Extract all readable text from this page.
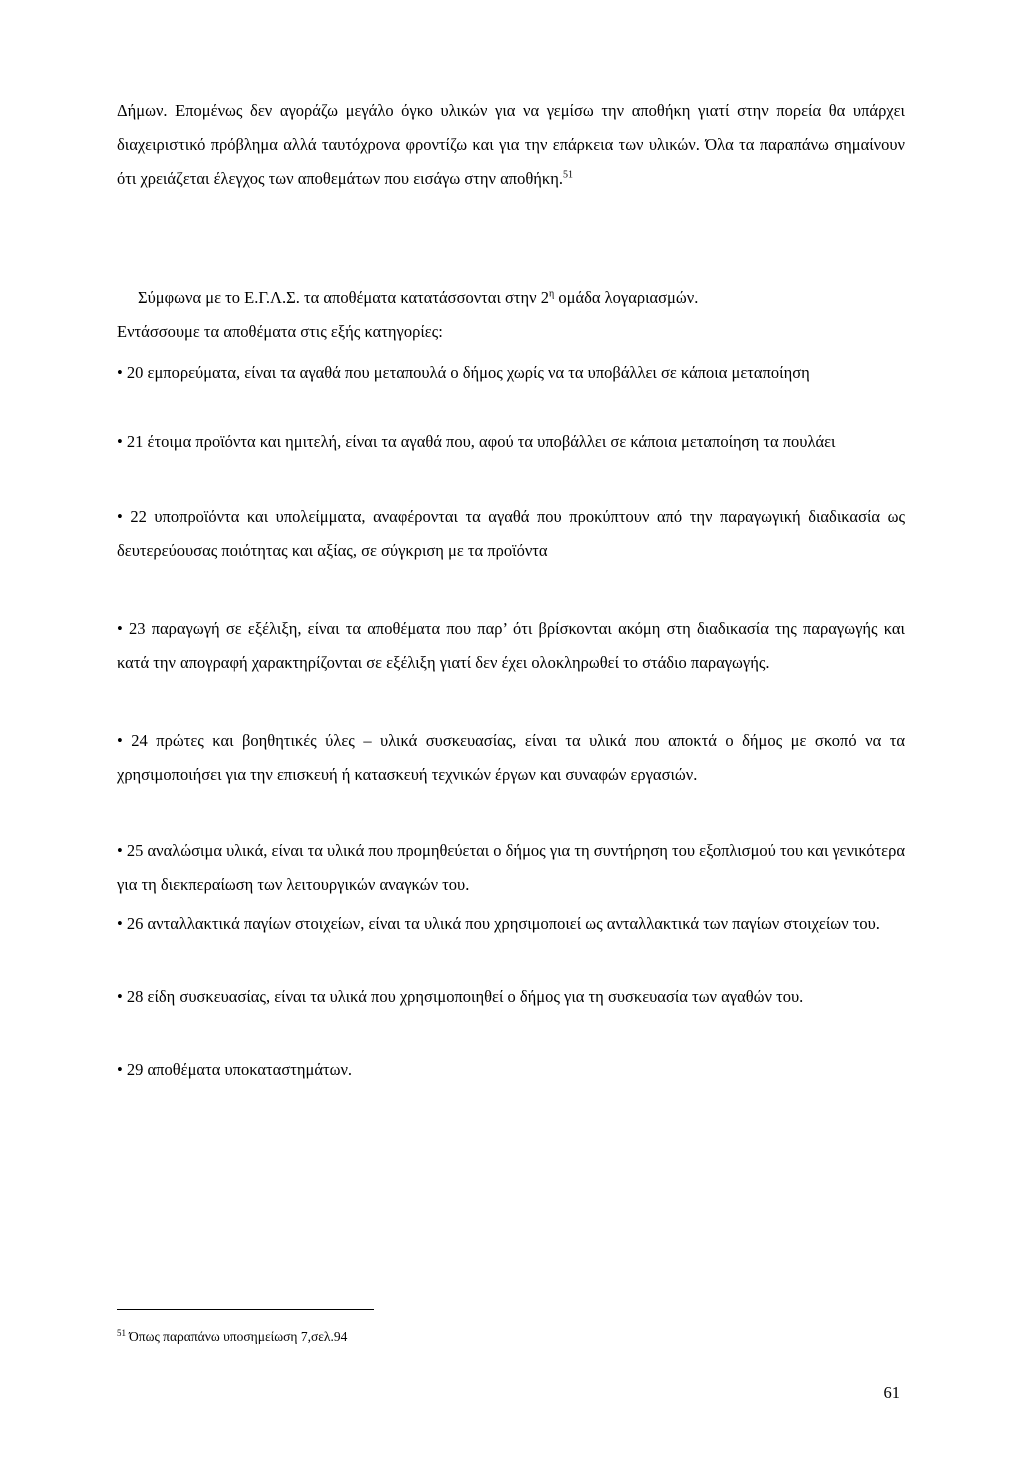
Δήμων. Επομένως δεν αγοράζω μεγάλο όγκο υλικών για να γεμίσω την αποθήκη γιατί στην πορεία θα υπάρχει διαχειριστικό πρόβλημα αλλά ταυτόχρονα φροντίζω και για την επάρκεια των υλικών. Όλα τα παραπάνω σημαίνουν ότι χρειάζεται έλεγχος των αποθεμάτων που εισάγω στην αποθήκη.$^{51}$
Σύμφωνα με το Ε.Γ.Λ.Σ. τα αποθέματα κατατάσσονται στην $2^\eta$ ομάδα λογαριασμών.
Εντάσσουμε τα αποθέματα στις εξής κατηγορίες:
• 20 εμπορεύματα, είναι τα αγαθά που μεταπουλά ο δήμος χωρίς να τα υποβάλλει σε κάποια μεταποίηση
• 21 έτοιμα προϊόντα και ημιτελή, είναι τα αγαθά που, αφού τα υποβάλλει σε κάποια μεταποίηση τα πουλάει
• 22 υποπροϊόντα και υπολείμματα, αναφέρονται τα αγαθά που προκύπτουν από την παραγωγική διαδικασία ως δευτερεύουσας ποιότητας και αξίας, σε σύγκριση με τα προϊόντα
• 23 παραγωγή σε εξέλιξη, είναι τα αποθέματα που παρ’ ότι βρίσκονται ακόμη στη διαδικασία της παραγωγής και κατά την απογραφή χαρακτηρίζονται σε εξέλιξη γιατί δεν έχει ολοκληρωθεί το στάδιο παραγωγής.
• 24 πρώτες και βοηθητικές ύλες – υλικά συσκευασίας, είναι τα υλικά που αποκτά ο δήμος με σκοπό να τα χρησιμοποιήσει για την επισκευή ή κατασκευή τεχνικών έργων και συναφών εργασιών.
• 25 αναλώσιμα υλικά, είναι τα υλικά που προμηθεύεται ο δήμος για τη συντήρηση του εξοπλισμού του και γενικότερα για τη διεκπεραίωση των λειτουργικών αναγκών του.
• 26 ανταλλακτικά παγίων στοιχείων, είναι τα υλικά που χρησιμοποιεί ως ανταλλακτικά των παγίων στοιχείων του.
• 28 είδη συσκευασίας, είναι τα υλικά που χρησιμοποιηθεί ο δήμος για τη συσκευασία των αγαθών του.
• 29 αποθέματα υποκαταστημάτων.
$^{51}$ Όπως παραπάνω υποσημείωση 7,σελ.94
61
